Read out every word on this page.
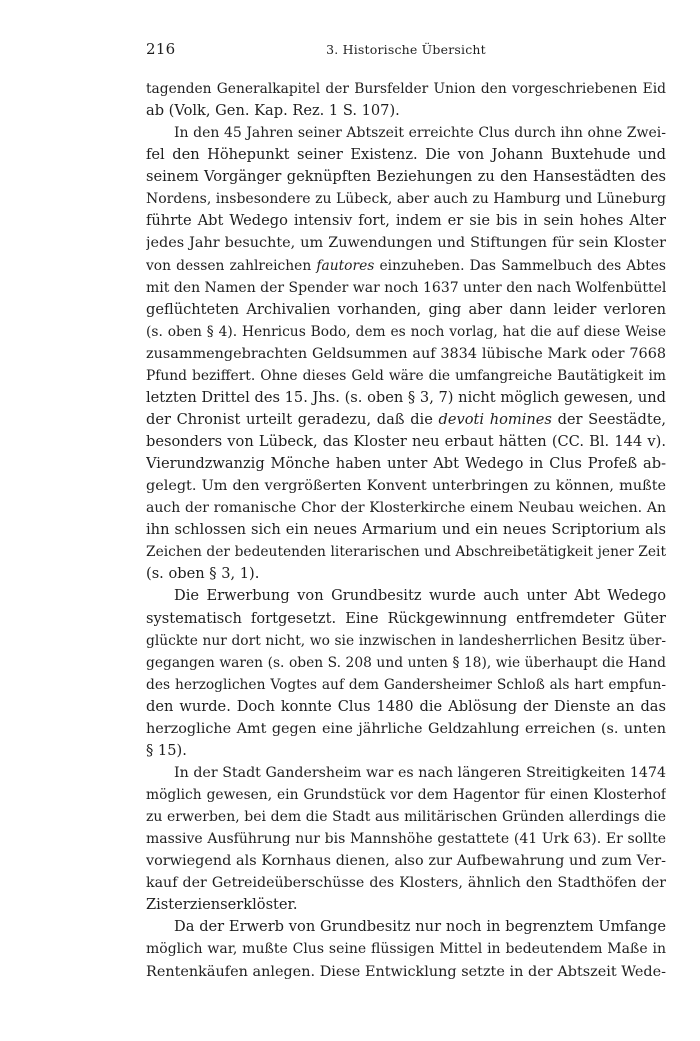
216	3. Historische Übersicht
tagenden Generalkapitel der Bursfelder Union den vorgeschriebenen Eid
ab (Volk, Gen. Kap. Rez. 1 S. 107).
In den 45 Jahren seiner Abtszeit erreichte Clus durch ihn ohne Zwei-
fel den Höhepunkt seiner Existenz. Die von Johann Buxtehude und
seinem Vorgänger geknüpften Beziehungen zu den Hansestädten des
Nordens, insbesondere zu Lübeck, aber auch zu Hamburg und Lüneburg
führte Abt Wedego intensiv fort, indem er sie bis in sein hohes Alter
jedes Jahr besuchte, um Zuwendungen und Stiftungen für sein Kloster
von dessen zahlreichen fautores einzuheben. Das Sammelbuch des Abtes
mit den Namen der Spender war noch 1637 unter den nach Wolfenbüttel
geflüchteten Archivalien vorhanden, ging aber dann leider verloren
(s. oben § 4). Henricus Bodo, dem es noch vorlag, hat die auf diese Weise
zusammengebrachten Geldsummen auf 3834 lübische Mark oder 7668
Pfund beziffert. Ohne dieses Geld wäre die umfangreiche Bautätigkeit im
letzten Drittel des 15. Jhs. (s. oben § 3, 7) nicht möglich gewesen, und
der Chronist urteilt geradezu, daß die devoti homines der Seestädte,
besonders von Lübeck, das Kloster neu erbaut hätten (CC. Bl. 144 v).
Vierundzwanzig Mönche haben unter Abt Wedego in Clus Profeß ab-
gelegt. Um den vergrößerten Konvent unterbringen zu können, mußte
auch der romanische Chor der Klosterkirche einem Neubau weichen. An
ihn schlossen sich ein neues Armarium und ein neues Scriptorium als
Zeichen der bedeutenden literarischen und Abschreibetätigkeit jener Zeit
(s. oben § 3, 1).
Die Erwerbung von Grundbesitz wurde auch unter Abt Wedego
systematisch fortgesetzt. Eine Rückgewinnung entfremdeter Güter
glückte nur dort nicht, wo sie inzwischen in landesherrlichen Besitz über-
gegangen waren (s. oben S. 208 und unten § 18), wie überhaupt die Hand
des herzoglichen Vogtes auf dem Gandersheimer Schloß als hart empfun-
den wurde. Doch konnte Clus 1480 die Ablösung der Dienste an das
herzogliche Amt gegen eine jährliche Geldzahlung erreichen (s. unten
§ 15).
In der Stadt Gandersheim war es nach längeren Streitigkeiten 1474
möglich gewesen, ein Grundstück vor dem Hagentor für einen Klosterhof
zu erwerben, bei dem die Stadt aus militärischen Gründen allerdings die
massive Ausführung nur bis Mannshöhe gestattete (41 Urk 63). Er sollte
vorwiegend als Kornhaus dienen, also zur Aufbewahrung und zum Ver-
kauf der Getreideüberschüsse des Klosters, ähnlich den Stadthöfen der
Zisterzienserklöster.
Da der Erwerb von Grundbesitz nur noch in begrenztem Umfange
möglich war, mußte Clus seine flüssigen Mittel in bedeutendem Maße in
Rentenkäufen anlegen. Diese Entwicklung setzte in der Abtszeit Wede-
